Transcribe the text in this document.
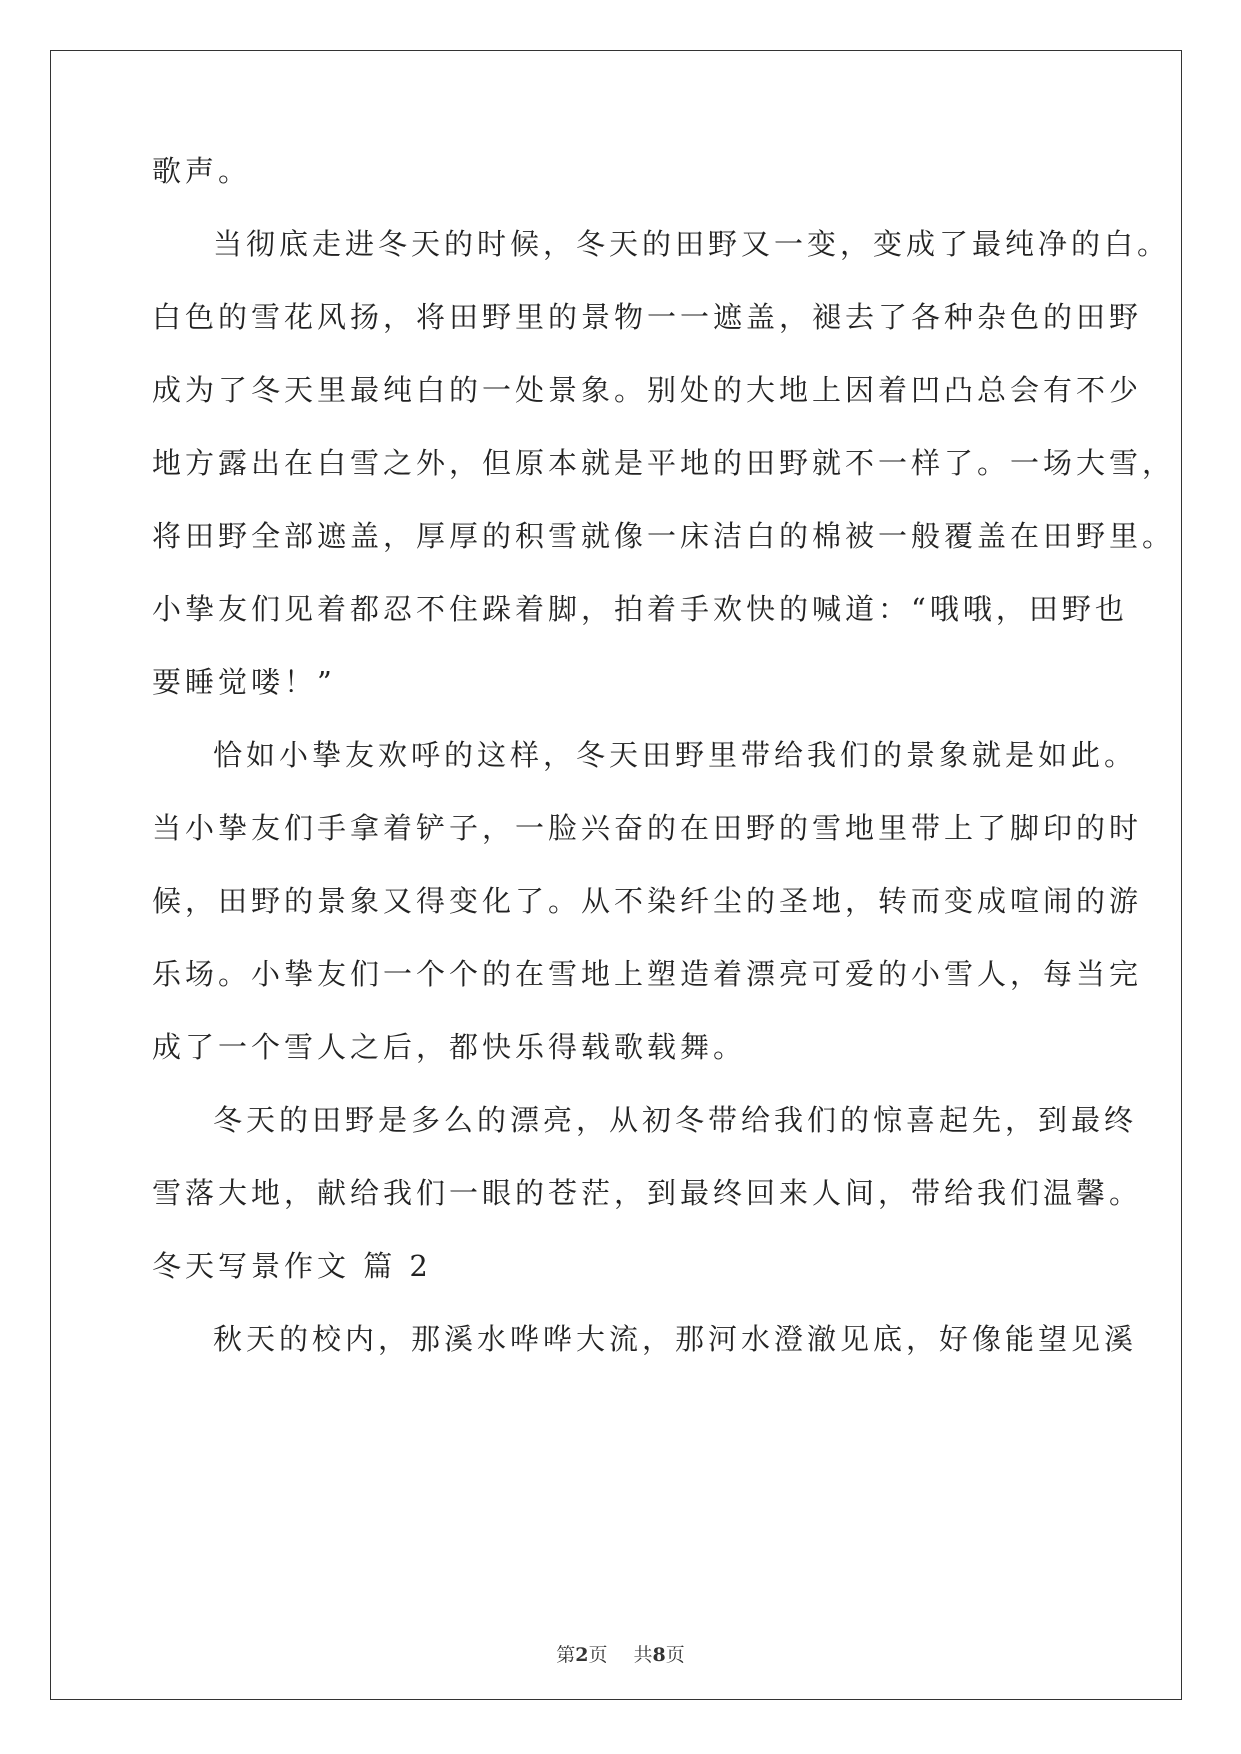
歌声。
当彻底走进冬天的时候，冬天的田野又一变，变成了最纯净的白。
白色的雪花风扬，将田野里的景物一一遮盖，褪去了各种杂色的田野
成为了冬天里最纯白的一处景象。别处的大地上因着凹凸总会有不少
地方露出在白雪之外，但原本就是平地的田野就不一样了。一场大雪，
将田野全部遮盖，厚厚的积雪就像一床洁白的棉被一般覆盖在田野里。
小挚友们见着都忍不住跺着脚，拍着手欢快的喊道：“哦哦，田野也
要睡觉喽！”
恰如小挚友欢呼的这样，冬天田野里带给我们的景象就是如此。
当小挚友们手拿着铲子，一脸兴奋的在田野的雪地里带上了脚印的时
候，田野的景象又得变化了。从不染纤尘的圣地，转而变成喧闹的游
乐场。小挚友们一个个的在雪地上塑造着漂亮可爱的小雪人，每当完
成了一个雪人之后，都快乐得载歌载舞。
冬天的田野是多么的漂亮，从初冬带给我们的惊喜起先，到最终
雪落大地，献给我们一眼的苍茫，到最终回来人间，带给我们温馨。
冬天写景作文 篇 2
秋天的校内，那溪水哗哗大流，那河水澄澈见底，好像能望见溪
第2页 共8页
